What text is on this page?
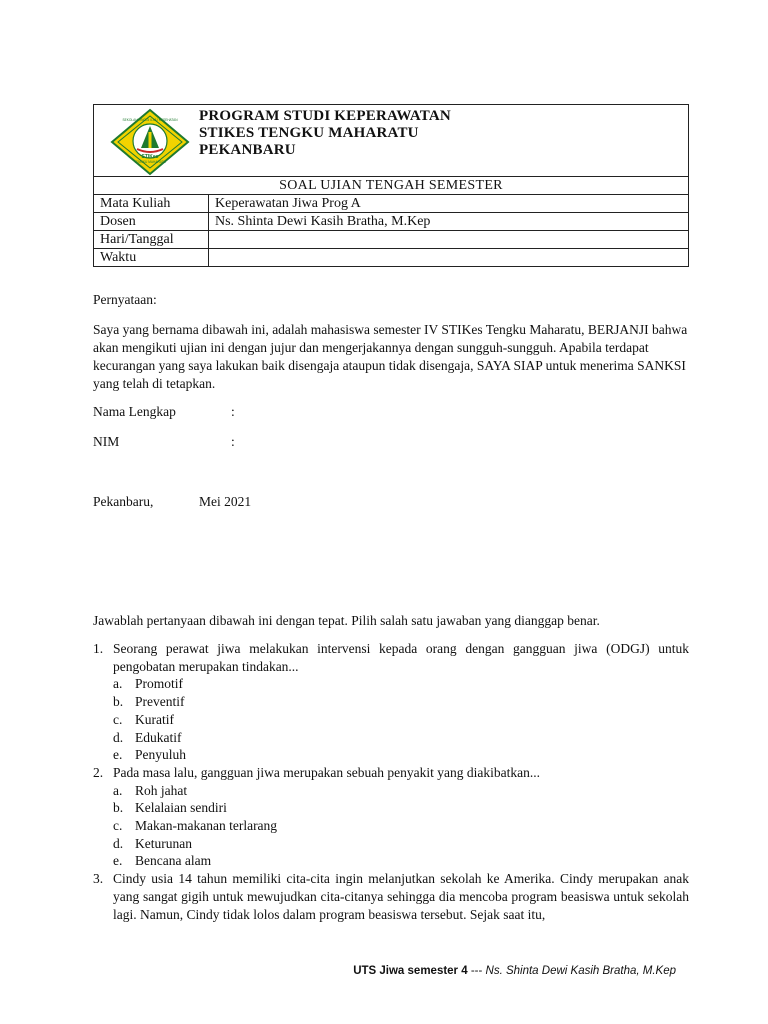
SEKOLAH TINGGI ILMU KESEHATAN
STIKes
TENGKU MAHARATU
PROGRAM STUDI KEPERAWATAN
STIKES TENGKU MAHARATU
PEKANBARU
SOAL UJIAN TENGAH SEMESTER
Mata Kuliah	Keperawatan Jiwa Prog A
Dosen	Ns. Shinta Dewi Kasih Bratha, M.Kep
Hari/Tanggal
Waktu
Pernyataan:
Saya yang bernama dibawah ini, adalah mahasiswa semester IV STIKes Tengku Maharatu, BERJANJI bahwa akan mengikuti ujian ini dengan jujur dan mengerjakannya dengan sungguh-sungguh. Apabila terdapat kecurangan yang saya lakukan baik disengaja ataupun tidak disengaja, SAYA SIAP untuk menerima SANKSI yang telah di tetapkan.
Nama Lengkap	:
NIM	:
Pekanbaru,	Mei 2021
Jawablah pertanyaan dibawah ini dengan tepat. Pilih salah satu jawaban yang dianggap benar.
1. Seorang perawat jiwa melakukan intervensi kepada orang dengan gangguan jiwa (ODGJ) untuk pengobatan merupakan tindakan...
a. Promotif
b. Preventif
c. Kuratif
d. Edukatif
e. Penyuluh
2. Pada masa lalu, gangguan jiwa merupakan sebuah penyakit yang diakibatkan...
a. Roh jahat
b. Kelalaian sendiri
c. Makan-makanan terlarang
d. Keturunan
e. Bencana alam
3. Cindy usia 14 tahun memiliki cita-cita ingin melanjutkan sekolah ke Amerika. Cindy merupakan anak yang sangat gigih untuk mewujudkan cita-citanya sehingga dia mencoba program beasiswa untuk sekolah lagi. Namun, Cindy tidak lolos dalam program beasiswa tersebut. Sejak saat itu,
UTS Jiwa semester 4 --- Ns. Shinta Dewi Kasih Bratha, M.Kep
